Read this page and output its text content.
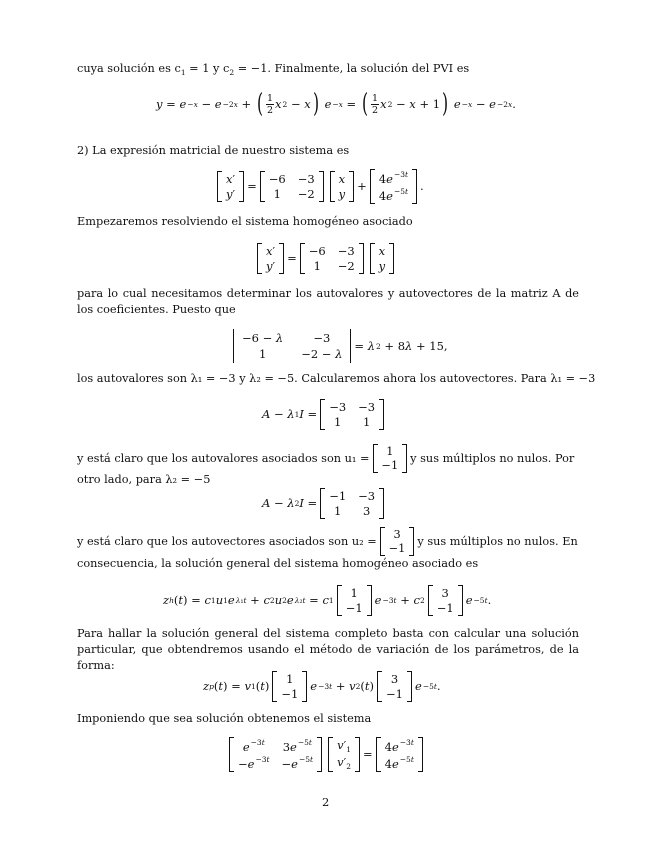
cuya solución es $c_1 = 1$ y $c_2 = -1$. Finalmente, la solución del PVI es
y = e −x − e −2x + ( $\frac{1}{2}$ x 2 − x )
e −x = ( $\frac{1}{2}$ x 2 − x + 1 )
e −x − e −2x .
2) La expresión matricial de nuestro sistema es
x′
y′
=
−6 −3
1 −2
x
y
+
$4e^{-3t}$
$4e^{-5t}$ .
Empezaremos resolviendo el sistema homogéneo asociado
x′
y′
=
−6 −3
1 −2
x
y
para lo cual necesitamos determinar los autovalores y autovectores de la matriz A de los coeficientes. Puesto que
−6 − λ	−3
1	−2 − λ
= λ 2 + 8 λ + 15,
los autovalores son λ₁ = −3 y λ₂ = −5. Calcularemos ahora los autovectores. Para λ₁ = −3
A − λ 1 I =
−3 −3
1 1
y está claro que los autovalores asociados son u₁ =
1
−1
y sus múltiplos no nulos. Por
otro lado, para λ₂ = −5
A − λ 2 I =
−1 −3
1 3
y está claro que los autovectores asociados son u₂ =
3
−1
y sus múltiplos no nulos. En
consecuencia, la solución general del sistema homogéneo asociado es
z h ( t ) = c 1 u 1 e λ₁t + c 2 u 2 e λ₂t = c 1
1
−1
e −3t + c 2
3
−1
e −5t .
Para hallar la solución general del sistema completo basta con calcular una solución particular, que obtendremos usando el método de variación de los parámetros, de la forma:
z p ( t ) = v 1 ( t )
1
−1
e −3t + v 2 ( t )
3
−1
e −5t .
Imponiendo que sea solución obtenemos el sistema
$e^{-3t}$ $3e^{-5t}$
$-e^{-3t} -e^{-5t}$
$v'_1$
$v'_2$
=
$4e^{-3t}$
$4e^{-5t}$
2
